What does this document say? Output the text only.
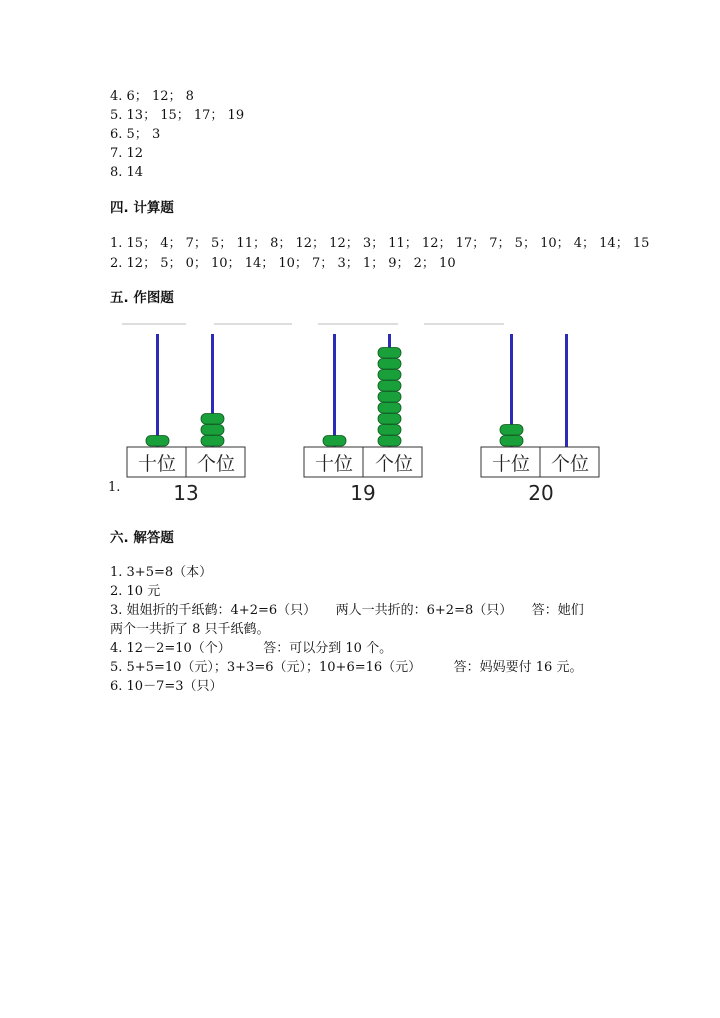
4. 6； 12； 8
5. 13； 15； 17； 19
6. 5； 3
7. 12
8. 14
四. 计算题
1. 15； 4； 7； 5； 11； 8； 12； 12； 3； 11； 12； 17； 7； 5； 10； 4； 14； 15
2. 12； 5； 0； 10； 14； 10； 7； 3； 1； 9； 2； 10
五. 作图题
1.
十位 个位
13
十位 个位
19
十位 个位
20
六. 解答题
1. 3+5=8（本）
2. 10 元
3. 姐姐折的千纸鹤：4+2=6（只）　　两人一共折的：6+2=8（只）　　答：她们
两个一共折了 8 只千纸鹤。
4. 12－2=10（个）　　　答：可以分到 10 个。
5. 5+5=10（元）；3+3=6（元）；10+6=16（元）　　　答：妈妈要付 16 元。
6. 10－7=3（只）
